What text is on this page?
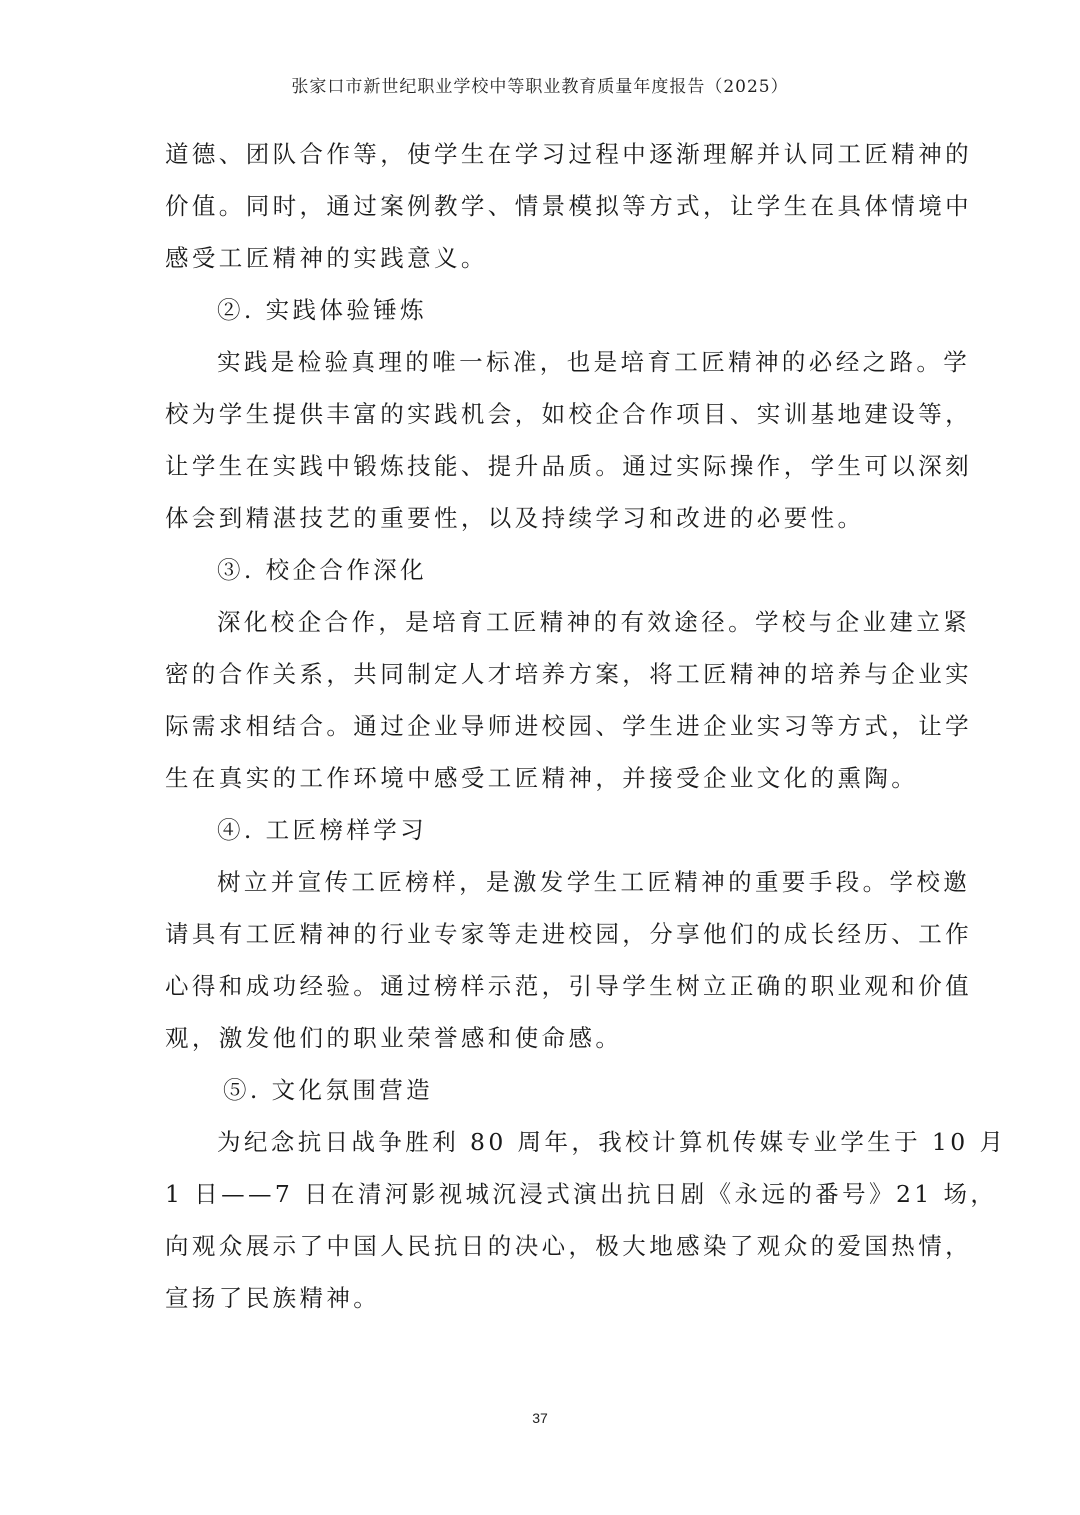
张家口市新世纪职业学校中等职业教育质量年度报告（2025）
道德、团队合作等，使学生在学习过程中逐渐理解并认同工匠精神的
价值。同时，通过案例教学、情景模拟等方式，让学生在具体情境中
感受工匠精神的实践意义。
②. 实践体验锤炼
实践是检验真理的唯一标准，也是培育工匠精神的必经之路。学
校为学生提供丰富的实践机会，如校企合作项目、实训基地建设等，
让学生在实践中锻炼技能、提升品质。通过实际操作，学生可以深刻
体会到精湛技艺的重要性，以及持续学习和改进的必要性。
③. 校企合作深化
深化校企合作，是培育工匠精神的有效途径。学校与企业建立紧
密的合作关系，共同制定人才培养方案，将工匠精神的培养与企业实
际需求相结合。通过企业导师进校园、学生进企业实习等方式，让学
生在真实的工作环境中感受工匠精神，并接受企业文化的熏陶。
④. 工匠榜样学习
树立并宣传工匠榜样，是激发学生工匠精神的重要手段。学校邀
请具有工匠精神的行业专家等走进校园，分享他们的成长经历、工作
心得和成功经验。通过榜样示范，引导学生树立正确的职业观和价值
观，激发他们的职业荣誉感和使命感。
⑤. 文化氛围营造
为纪念抗日战争胜利 80 周年，我校计算机传媒专业学生于 10 月
1 日——7 日在清河影视城沉浸式演出抗日剧《永远的番号》21 场，
向观众展示了中国人民抗日的决心，极大地感染了观众的爱国热情，
宣扬了民族精神。
37
